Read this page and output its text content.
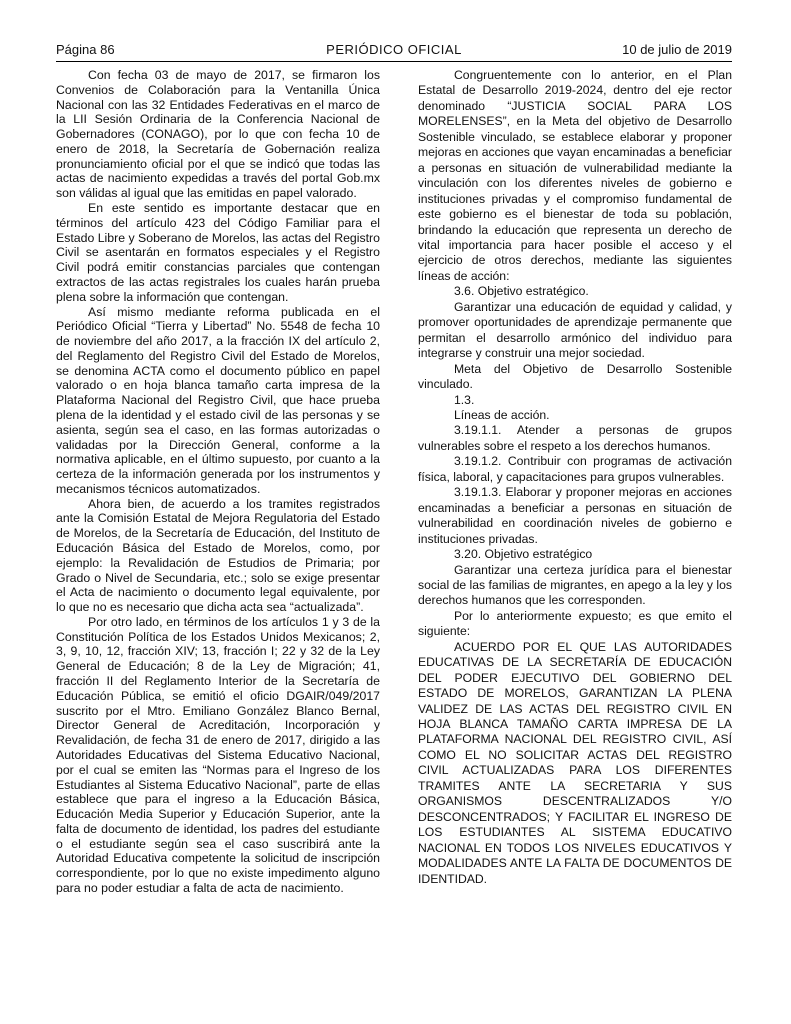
Página 86	PERIÓDICO OFICIAL	10 de julio de 2019

Con fecha 03 de mayo de 2017, se firmaron los Convenios de Colaboración para la Ventanilla Única Nacional con las 32 Entidades Federativas en el marco de la LII Sesión Ordinaria de la Conferencia Nacional de Gobernadores (CONAGO), por lo que con fecha 10 de enero de 2018, la Secretaría de Gobernación realiza pronunciamiento oficial por el que se indicó que todas las actas de nacimiento expedidas a través del portal Gob.mx son válidas al igual que las emitidas en papel valorado.

En este sentido es importante destacar que en términos del artículo 423 del Código Familiar para el Estado Libre y Soberano de Morelos, las actas del Registro Civil se asentarán en formatos especiales y el Registro Civil podrá emitir constancias parciales que contengan extractos de las actas registrales los cuales harán prueba plena sobre la información que contengan.

Así mismo mediante reforma publicada en el Periódico Oficial “Tierra y Libertad” No. 5548 de fecha 10 de noviembre del año 2017, a la fracción IX del artículo 2, del Reglamento del Registro Civil del Estado de Morelos, se denomina ACTA como el documento público en papel valorado o en hoja blanca tamaño carta impresa de la Plataforma Nacional del Registro Civil, que hace prueba plena de la identidad y el estado civil de las personas y se asienta, según sea el caso, en las formas autorizadas o validadas por la Dirección General, conforme a la normativa aplicable, en el último supuesto, por cuanto a la certeza de la información generada por los instrumentos y mecanismos técnicos automatizados.

Ahora bien, de acuerdo a los tramites registrados ante la Comisión Estatal de Mejora Regulatoria del Estado de Morelos, de la Secretaría de Educación, del Instituto de Educación Básica del Estado de Morelos, como, por ejemplo: la Revalidación de Estudios de Primaria; por Grado o Nivel de Secundaria, etc.; solo se exige presentar el Acta de nacimiento o documento legal equivalente, por lo que no es necesario que dicha acta sea “actualizada”.

Por otro lado, en términos de los artículos 1 y 3 de la Constitución Política de los Estados Unidos Mexicanos; 2, 3, 9, 10, 12, fracción XIV; 13, fracción I; 22 y 32 de la Ley General de Educación; 8 de la Ley de Migración; 41, fracción II del Reglamento Interior de la Secretaría de Educación Pública, se emitió el oficio DGAIR/049/2017 suscrito por el Mtro. Emiliano González Blanco Bernal, Director General de Acreditación, Incorporación y Revalidación, de fecha 31 de enero de 2017, dirigido a las Autoridades Educativas del Sistema Educativo Nacional, por el cual se emiten las “Normas para el Ingreso de los Estudiantes al Sistema Educativo Nacional”, parte de ellas establece que para el ingreso a la Educación Básica, Educación Media Superior y Educación Superior, ante la falta de documento de identidad, los padres del estudiante o el estudiante según sea el caso suscribirá ante la Autoridad Educativa competente la solicitud de inscripción correspondiente, por lo que no existe impedimento alguno para no poder estudiar a falta de acta de nacimiento.

Congruentemente con lo anterior, en el Plan Estatal de Desarrollo 2019-2024, dentro del eje rector denominado “JUSTICIA SOCIAL PARA LOS MORELENSES”, en la Meta del objetivo de Desarrollo Sostenible vinculado, se establece elaborar y proponer mejoras en acciones que vayan encaminadas a beneficiar a personas en situación de vulnerabilidad mediante la vinculación con los diferentes niveles de gobierno e instituciones privadas y el compromiso fundamental de este gobierno es el bienestar de toda su población, brindando la educación que representa un derecho de vital importancia para hacer posible el acceso y el ejercicio de otros derechos, mediante las siguientes líneas de acción:

3.6. Objetivo estratégico.

Garantizar una educación de equidad y calidad, y promover oportunidades de aprendizaje permanente que permitan el desarrollo armónico del individuo para integrarse y construir una mejor sociedad.

Meta del Objetivo de Desarrollo Sostenible vinculado.

1.3.

Líneas de acción.

3.19.1.1. Atender a personas de grupos vulnerables sobre el respeto a los derechos humanos.

3.19.1.2. Contribuir con programas de activación física, laboral, y capacitaciones para grupos vulnerables.

3.19.1.3. Elaborar y proponer mejoras en acciones encaminadas a beneficiar a personas en situación de vulnerabilidad en coordinación niveles de gobierno e instituciones privadas.

3.20. Objetivo estratégico

Garantizar una certeza jurídica para el bienestar social de las familias de migrantes, en apego a la ley y los derechos humanos que les corresponden.

Por lo anteriormente expuesto; es que emito el siguiente:

ACUERDO POR EL QUE LAS AUTORIDADES EDUCATIVAS DE LA SECRETARÍA DE EDUCACIÓN DEL PODER EJECUTIVO DEL GOBIERNO DEL ESTADO DE MORELOS, GARANTIZAN LA PLENA VALIDEZ DE LAS ACTAS DEL REGISTRO CIVIL EN HOJA BLANCA TAMAÑO CARTA IMPRESA DE LA PLATAFORMA NACIONAL DEL REGISTRO CIVIL, ASÍ COMO EL NO SOLICITAR ACTAS DEL REGISTRO CIVIL ACTUALIZADAS PARA LOS DIFERENTES TRAMITES ANTE LA SECRETARIA Y SUS ORGANISMOS DESCENTRALIZADOS Y/O DESCONCENTRADOS; Y FACILITAR EL INGRESO DE LOS ESTUDIANTES AL SISTEMA EDUCATIVO NACIONAL EN TODOS LOS NIVELES EDUCATIVOS Y MODALIDADES ANTE LA FALTA DE DOCUMENTOS DE IDENTIDAD.
